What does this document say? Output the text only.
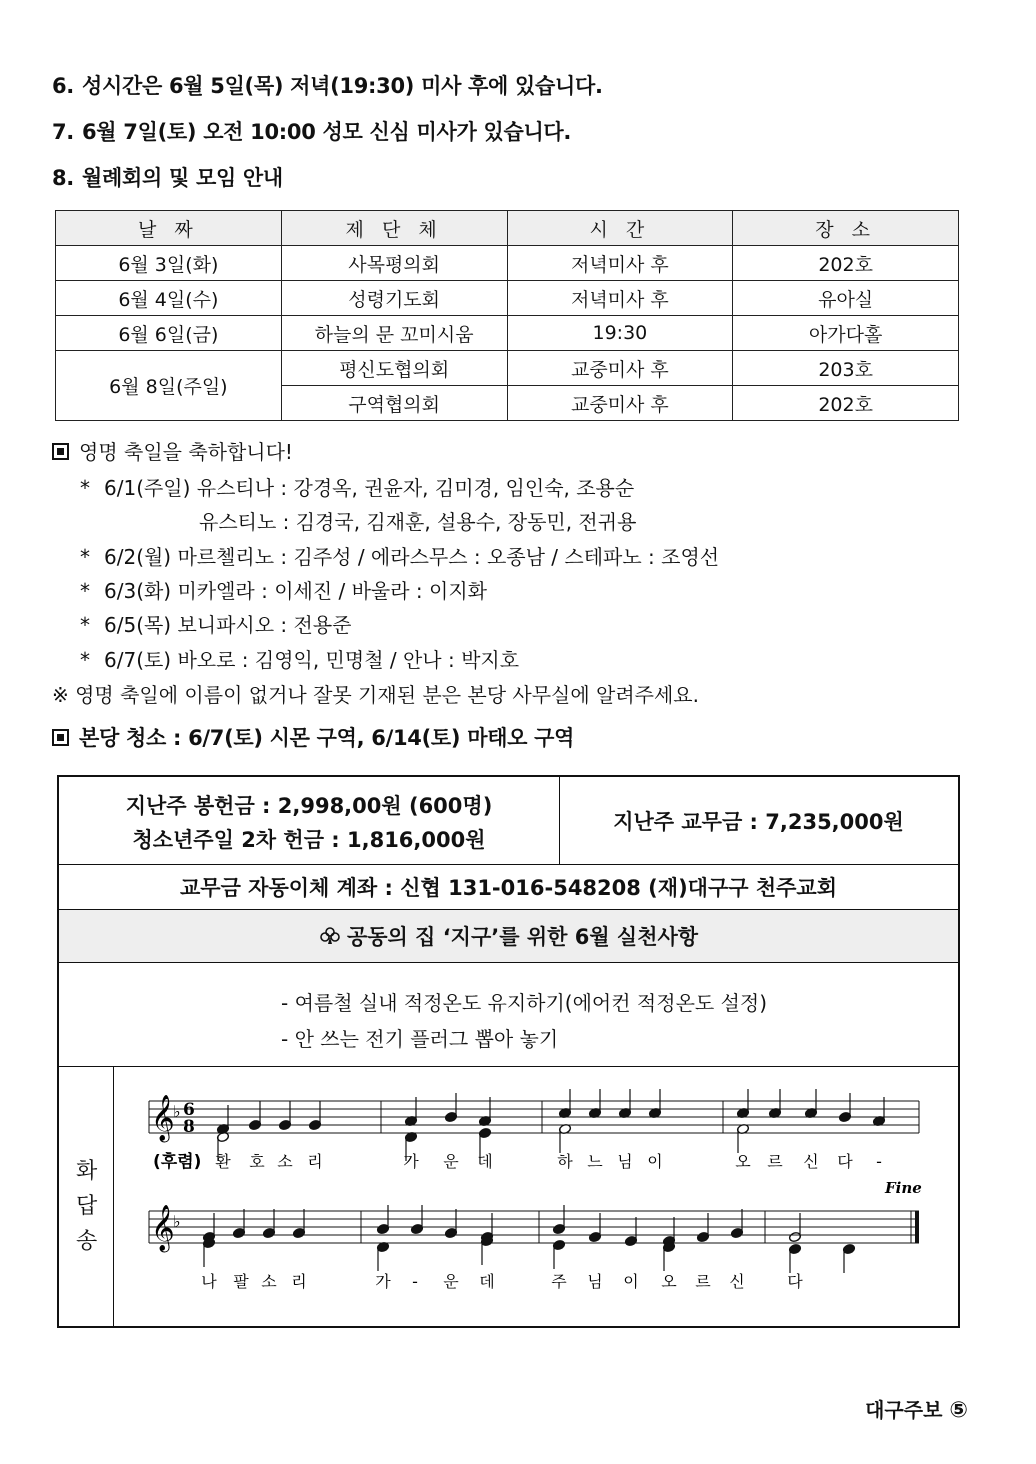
6. 성시간은 6월 5일(목) 저녁(19:30) 미사 후에 있습니다.
7. 6월 7일(토) 오전 10:00 성모 신심 미사가 있습니다.
8. 월례회의 및 모임 안내
날 짜	제 단 체	시 간	장 소
6월 3일(화)	사목평의회	저녁미사 후	202호
6월 4일(수)	성령기도회	저녁미사 후	유아실
6월 6일(금)	하늘의 문 꼬미시움	19:30	아가다홀
6월 8일(주일)	평신도협의회	교중미사 후	203호
	구역협의회	교중미사 후	202호
영명 축일을 축하합니다!
* 6/1(주일) 유스티나 : 강경옥, 권윤자, 김미경, 임인숙, 조용순
유스티노 : 김경국, 김재훈, 설용수, 장동민, 전귀용
* 6/2(월) 마르첼리노 : 김주성 / 에라스무스 : 오종남 / 스테파노 : 조영선
* 6/3(화) 미카엘라 : 이세진 / 바울라 : 이지화
* 6/5(목) 보니파시오 : 전용준
* 6/7(토) 바오로 : 김영익, 민명철 / 안나 : 박지호
※ 영명 축일에 이름이 없거나 잘못 기재된 분은 본당 사무실에 알려주세요.
본당 청소 : 6/7(토) 시몬 구역, 6/14(토) 마태오 구역
지난주 봉헌금 : 2,998,00원 (600명)
청소년주일 2차 헌금 : 1,816,000원
지난주 교무금 : 7,235,000원
교무금 자동이체 계좌 : 신협 131-016-548208 (재)대구구 천주교회
공동의 집 ‘지구’를 위한 6월 실천사항
- 여름철 실내 적정온도 유지하기(에어컨 적정온도 설정)
- 안 쓰는 전기 플러그 뽑아 놓기
화
답
송
𝄞
♭ 6
8
(후렴) 환 호 소 리	가 운 데	하 느 님 이	오 르 신 다 -
𝄞
♭
Fine
나 팔 소 리	가 - 운 데	주 님 이 오 르 신	다
대구주보 ⑤
